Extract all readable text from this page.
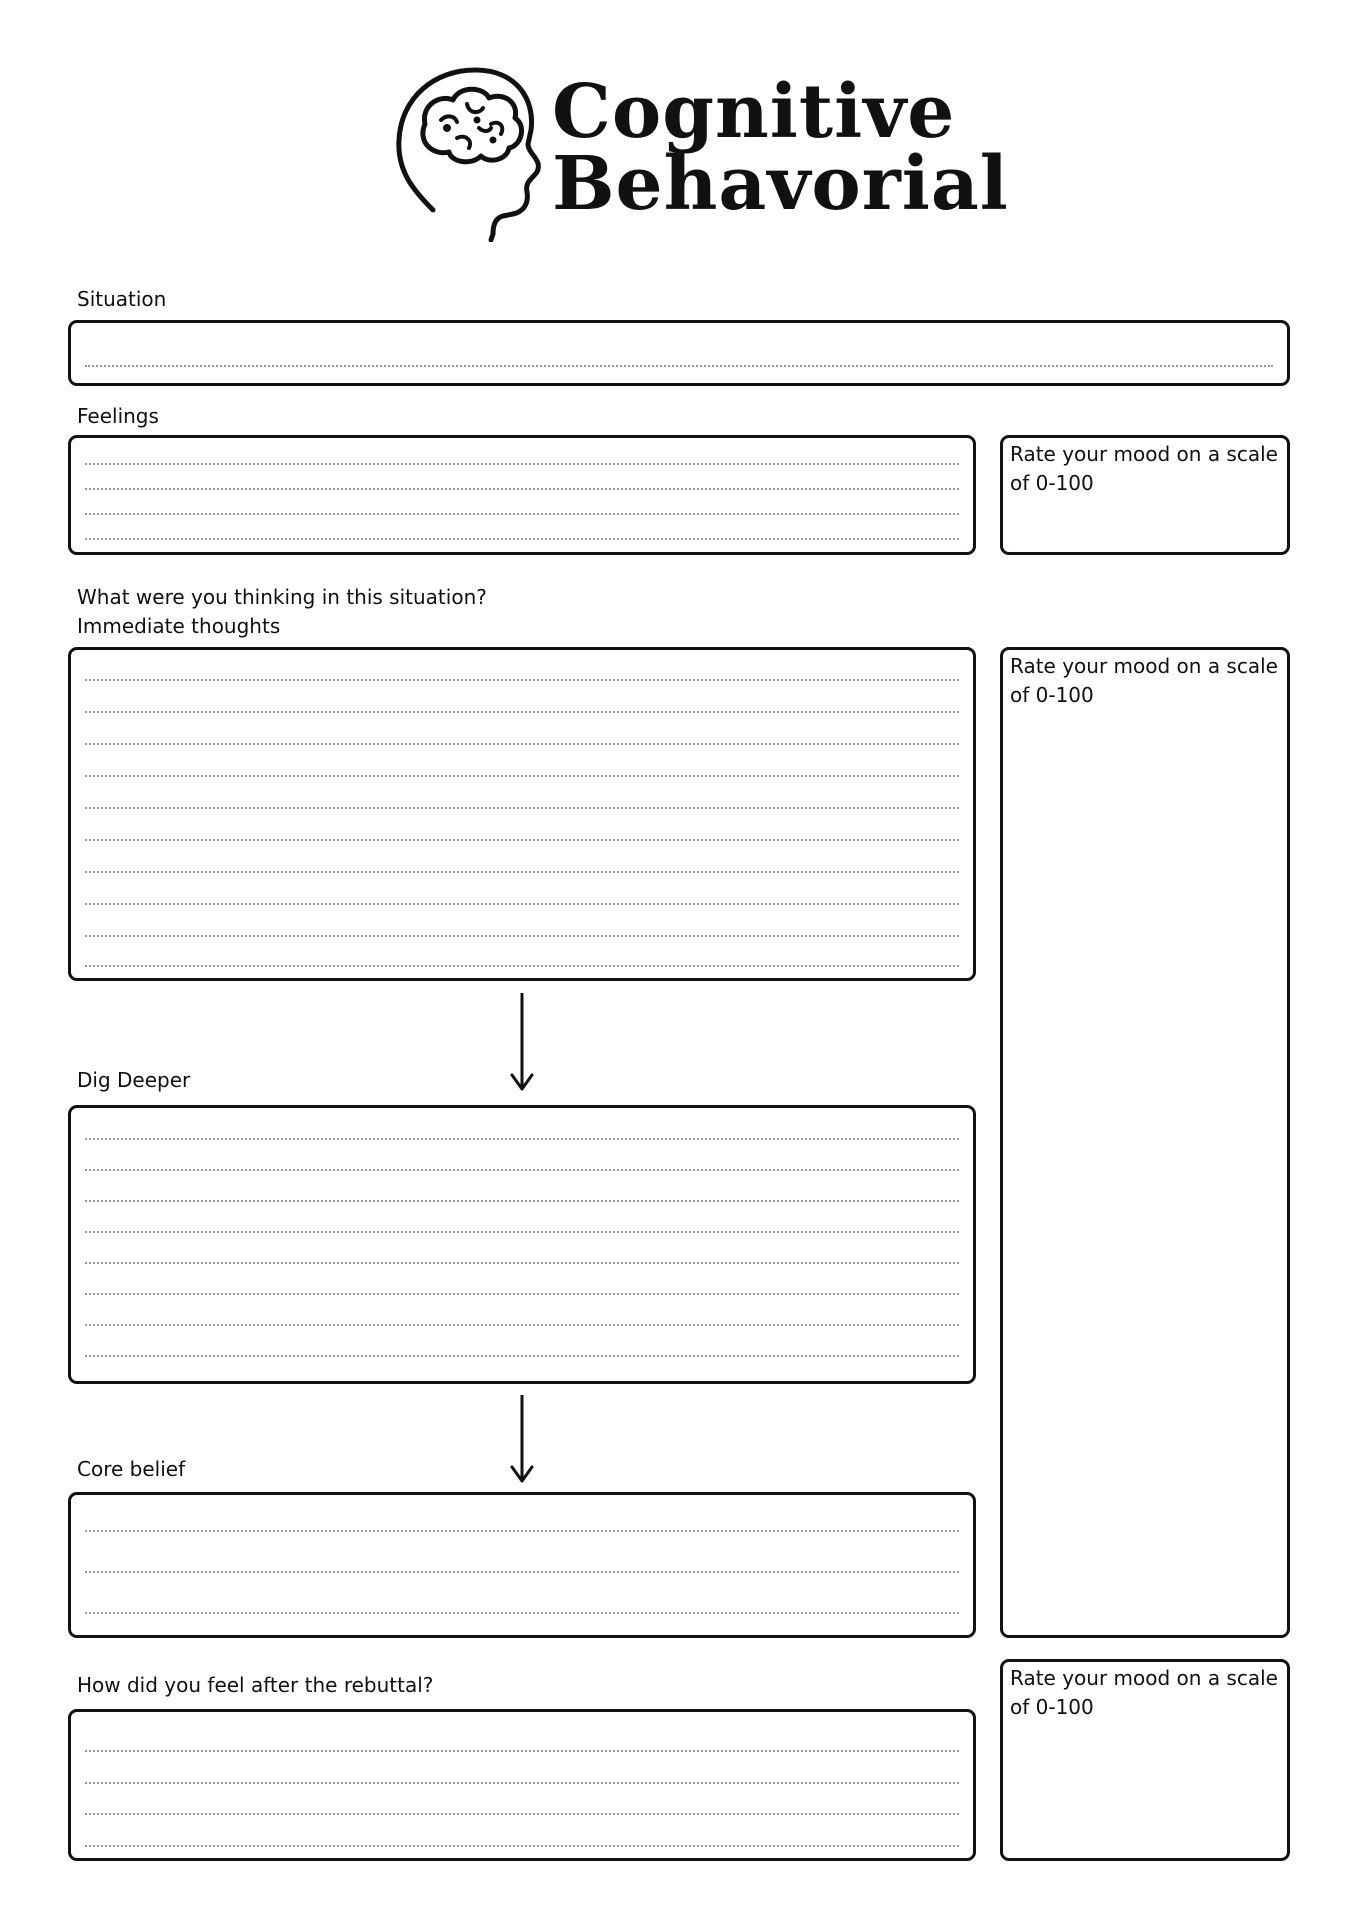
Cognitive
Behavorial
Situation
Feelings
Rate your mood on a scale of 0-100
What were you thinking in this situation?
Immediate thoughts
Rate your mood on a scale of 0-100
Dig Deeper
Core belief
How did you feel after the rebuttal?	Rate your mood on a scale of 0-100
